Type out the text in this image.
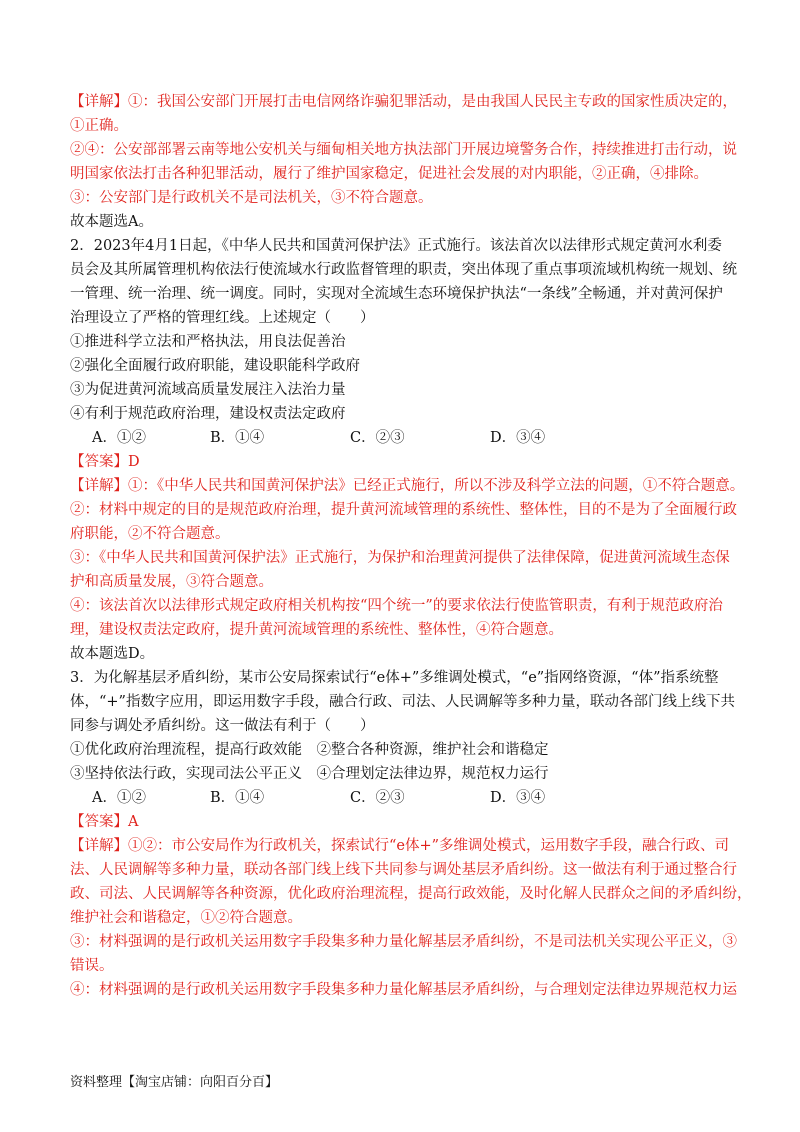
【详解】①：我国公安部门开展打击电信网络诈骗犯罪活动，是由我国人民民主专政的国家性质决定的，
①正确。
②④：公安部部署云南等地公安机关与缅甸相关地方执法部门开展边境警务合作，持续推进打击行动，说
明国家依法打击各种犯罪活动，履行了维护国家稳定，促进社会发展的对内职能，②正确，④排除。
③：公安部门是行政机关不是司法机关，③不符合题意。
故本题选A。
2．2023年4月1日起，《中华人民共和国黄河保护法》正式施行。该法首次以法律形式规定黄河水利委
员会及其所属管理机构依法行使流域水行政监督管理的职责，突出体现了重点事项流域机构统一规划、统
一管理、统一治理、统一调度。同时，实现对全流域生态环境保护执法“一条线”全畅通，并对黄河保护
治理设立了严格的管理红线。上述规定（　　）
①推进科学立法和严格执法，用良法促善治
②强化全面履行政府职能，建设职能科学政府
③为促进黄河流域高质量发展注入法治力量
④有利于规范政府治理，建设权责法定政府
A．①②	B．①④	C．②③	D．③④
【答案】D
【详解】①：《中华人民共和国黄河保护法》已经正式施行，所以不涉及科学立法的问题，①不符合题意。
②：材料中规定的目的是规范政府治理，提升黄河流域管理的系统性、整体性，目的不是为了全面履行政
府职能，②不符合题意。
③：《中华人民共和国黄河保护法》正式施行，为保护和治理黄河提供了法律保障，促进黄河流域生态保
护和高质量发展，③符合题意。
④：该法首次以法律形式规定政府相关机构按“四个统一”的要求依法行使监管职责，有利于规范政府治
理，建设权责法定政府，提升黄河流域管理的系统性、整体性，④符合题意。
故本题选D。
3．为化解基层矛盾纠纷，某市公安局探索试行“e体+”多维调处模式，“e”指网络资源，“体”指系统整
体，“+”指数字应用，即运用数字手段，融合行政、司法、人民调解等多种力量，联动各部门线上线下共
同参与调处矛盾纠纷。这一做法有利于（　　）
①优化政府治理流程，提高行政效能　②整合各种资源，维护社会和谐稳定
③坚持依法行政，实现司法公平正义　④合理划定法律边界，规范权力运行
A．①②	B．①④	C．②③	D．③④
【答案】A
【详解】①②：市公安局作为行政机关，探索试行“e体+”多维调处模式，运用数字手段，融合行政、司
法、人民调解等多种力量，联动各部门线上线下共同参与调处基层矛盾纠纷。这一做法有利于通过整合行
政、司法、人民调解等各种资源，优化政府治理流程，提高行政效能，及时化解人民群众之间的矛盾纠纷，
维护社会和谐稳定，①②符合题意。
③：材料强调的是行政机关运用数字手段集多种力量化解基层矛盾纠纷，不是司法机关实现公平正义，③
错误。
④：材料强调的是行政机关运用数字手段集多种力量化解基层矛盾纠纷，与合理划定法律边界规范权力运
资料整理【淘宝店铺：向阳百分百】
